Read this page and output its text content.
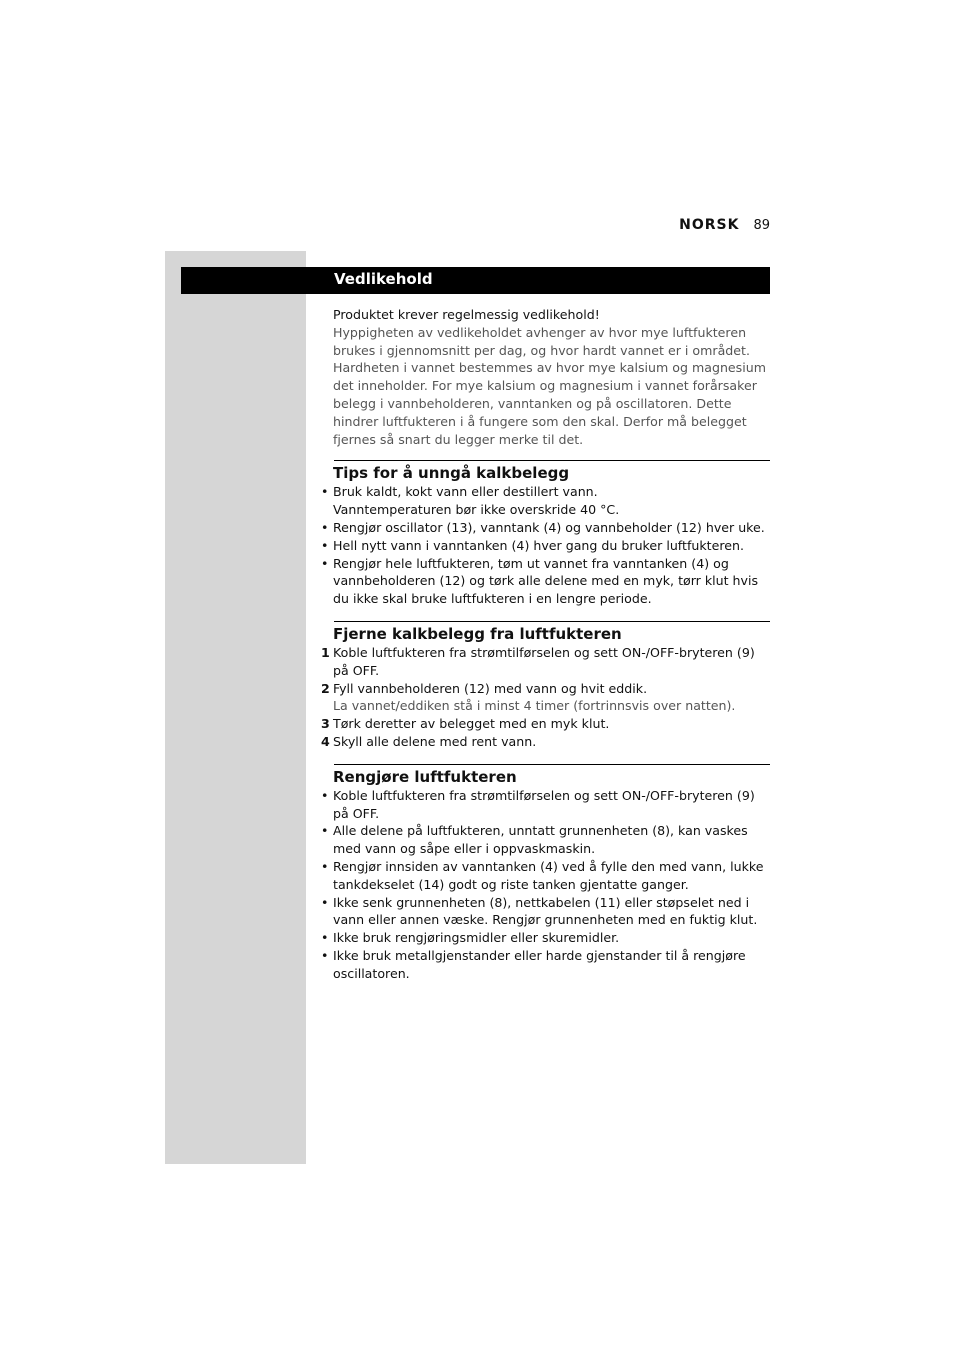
NORSK 89
Vedlikehold

Produktet krever regelmessig vedlikehold!

Hyppigheten av vedlikeholdet avhenger av hvor mye luftfukteren brukes i gjennomsnitt per dag, og hvor hardt vannet er i området. Hardheten i vannet bestemmes av hvor mye kalsium og magnesium det inneholder. For mye kalsium og magnesium i vannet forårsaker belegg i vannbeholderen, vanntanken og på oscillatoren. Dette hindrer luftfukteren i å fungere som den skal. Derfor må belegget fjernes så snart du legger merke til det.

Tips for å unngå kalkbelegg
• Bruk kaldt, kokt vann eller destillert vann.
Vanntemperaturen bør ikke overskride 40 °C.
• Rengjør oscillator (13), vanntank (4) og vannbeholder (12) hver uke.
• Hell nytt vann i vanntanken (4) hver gang du bruker luftfukteren.
• Rengjør hele luftfukteren, tøm ut vannet fra vanntanken (4) og vannbeholderen (12) og tørk alle delene med en myk, tørr klut hvis du ikke skal bruke luftfukteren i en lengre periode.
Fjerne kalkbelegg fra luftfukteren
1 Koble luftfukteren fra strømtilførselen og sett ON-/OFF-bryteren (9) på OFF.
2 Fyll vannbeholderen (12) med vann og hvit eddik.
La vannet/eddiken stå i minst 4 timer (fortrinnsvis over natten).
3 Tørk deretter av belegget med en myk klut.
4 Skyll alle delene med rent vann.
Rengjøre luftfukteren
• Koble luftfukteren fra strømtilførselen og sett ON-/OFF-bryteren (9) på OFF.
• Alle delene på luftfukteren, unntatt grunnenheten (8), kan vaskes med vann og såpe eller i oppvaskmaskin.
• Rengjør innsiden av vanntanken (4) ved å fylle den med vann, lukke tankdekselet (14) godt og riste tanken gjentatte ganger.
• Ikke senk grunnenheten (8), nettkabelen (11) eller støpselet ned i vann eller annen væske. Rengjør grunnenheten med en fuktig klut.
• Ikke bruk rengjøringsmidler eller skuremidler.
• Ikke bruk metallgjenstander eller harde gjenstander til å rengjøre oscillatoren.
